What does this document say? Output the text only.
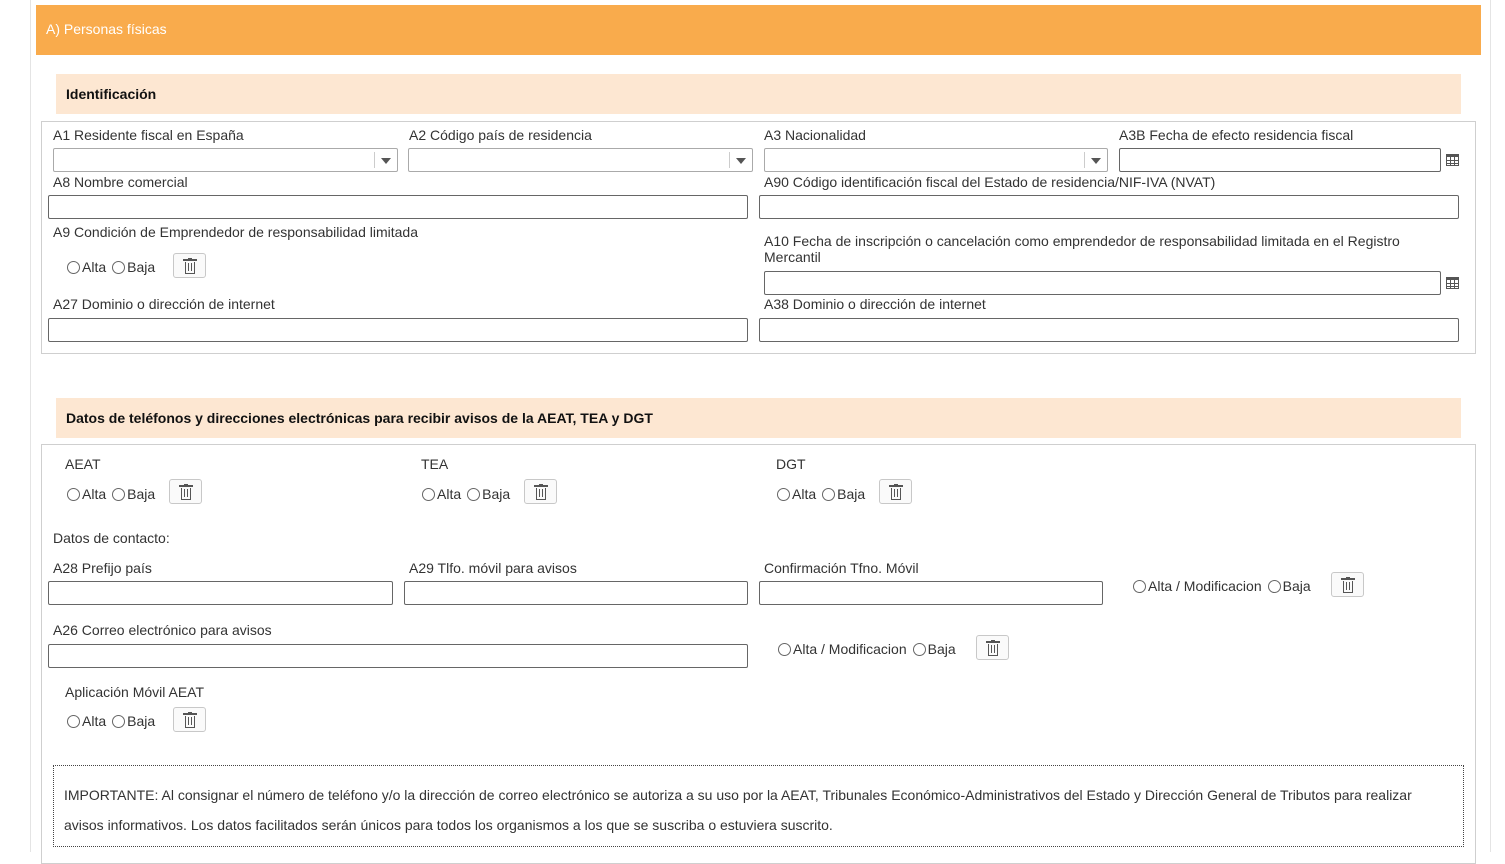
A) Personas físicas
Identificación
A1 Residente fiscal en España	A2 Código país de residencia	A3 Nacionalidad	A3B Fecha de efecto residencia fiscal
A8 Nombre comercial	A90 Código identificación fiscal del Estado de residencia/NIF-IVA (NVAT)
A9 Condición de Emprendedor de responsabilidad limitada
Alta Baja
A10 Fecha de inscripción o cancelación como emprendedor de responsabilidad limitada en el Registro Mercantil
A27 Dominio o dirección de internet	A38 Dominio o dirección de internet
Datos de teléfonos y direcciones electrónicas para recibir avisos de la AEAT, TEA y DGT
AEAT	TEA	DGT
Alta Baja	Alta Baja	Alta Baja
Datos de contacto:
A28 Prefijo país	A29 Tlfo. móvil para avisos	Confirmación Tfno. Móvil
Alta / Modificacion Baja
A26 Correo electrónico para avisos
Alta / Modificacion Baja
Aplicación Móvil AEAT
Alta Baja
IMPORTANTE: Al consignar el número de teléfono y/o la dirección de correo electrónico se autoriza a su uso por la AEAT, Tribunales Económico-Administrativos del Estado y Dirección General de Tributos para realizar avisos informativos. Los datos facilitados serán únicos para todos los organismos a los que se suscriba o estuviera suscrito.
